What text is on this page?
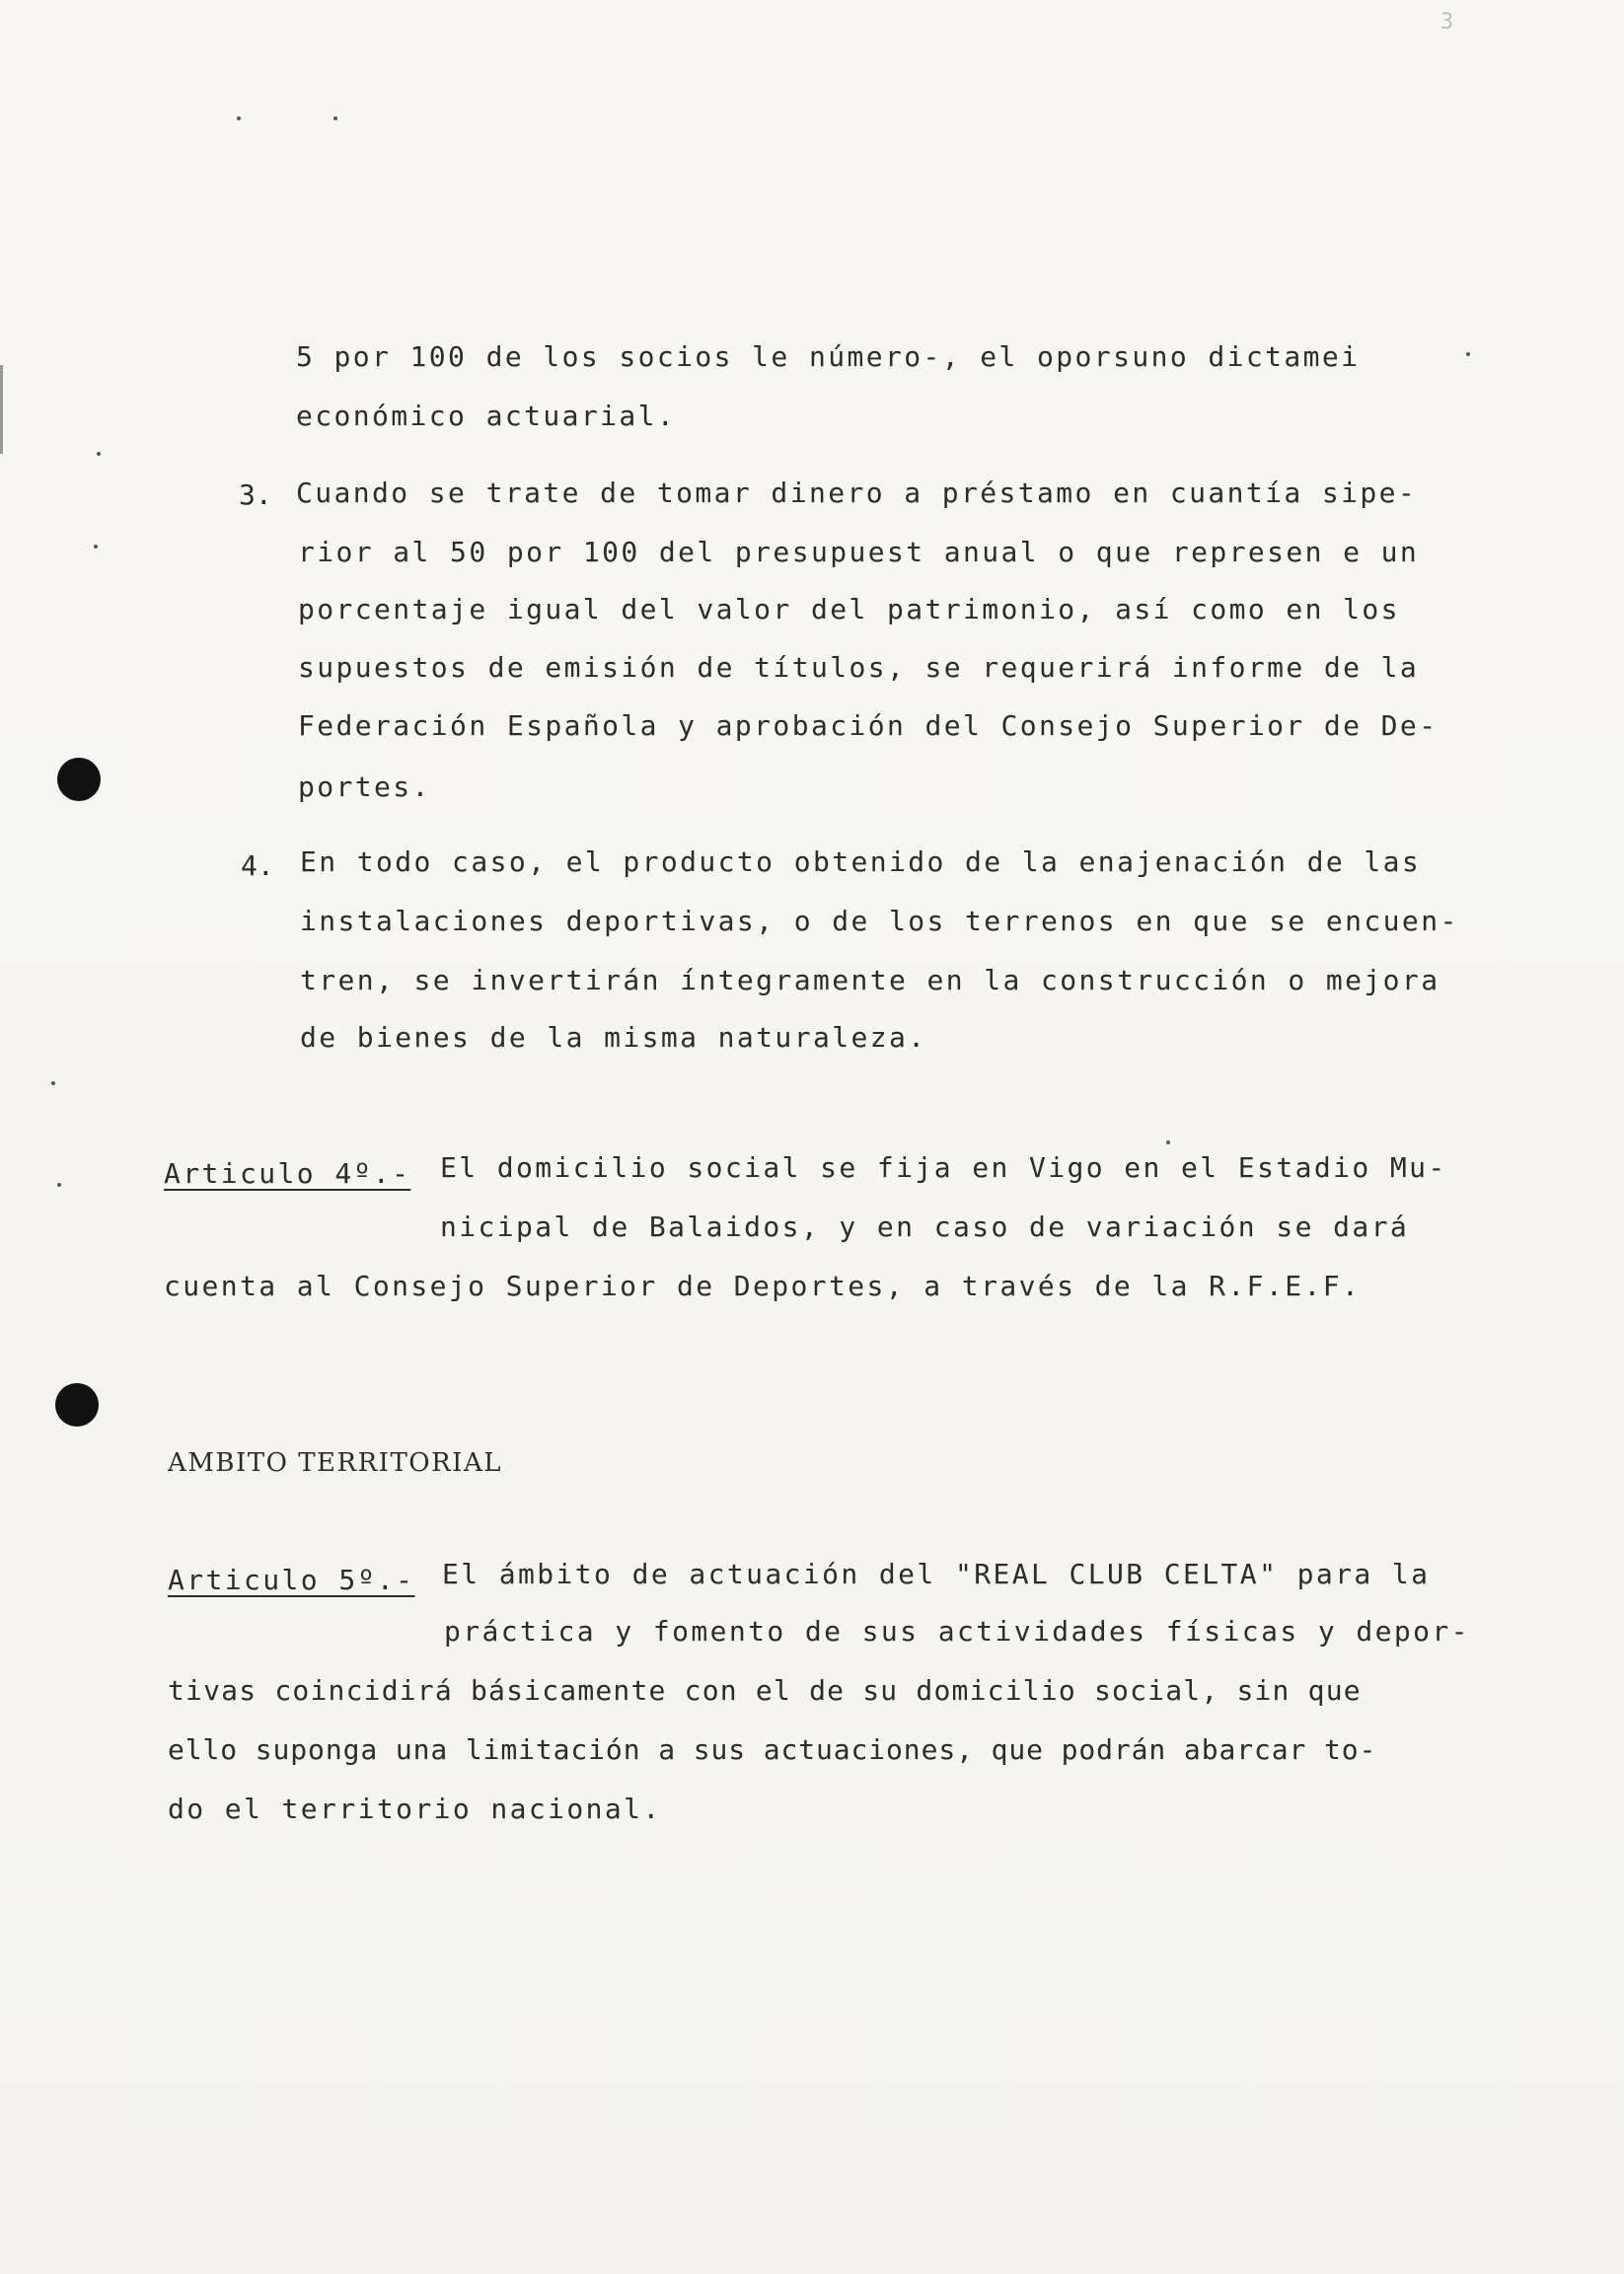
3
5 por 100 de los socios le número-, el oporsuno dictamei
económico actuarial.
3. Cuando se trate de tomar dinero a préstamo en cuantía sipe-
rior al 50 por 100 del presupuest anual o que represen e un
porcentaje igual del valor del patrimonio, así como en los
supuestos de emisión de títulos, se requerirá informe de la
Federación Española y aprobación del Consejo Superior de De-
portes.
4. En todo caso, el producto obtenido de la enajenación de las
instalaciones deportivas, o de los terrenos en que se encuen-
tren, se invertirán íntegramente en la construcción o mejora
de bienes de la misma naturaleza.
Articulo 4º.- El domicilio social se fija en Vigo en el Estadio Mu-
nicipal de Balaidos, y en caso de variación se dará
cuenta al Consejo Superior de Deportes, a través de la R.F.E.F.
AMBITO TERRITORIAL
Articulo 5º.- El ámbito de actuación del "REAL CLUB CELTA" para la
práctica y fomento de sus actividades físicas y depor-
tivas coincidirá básicamente con el de su domicilio social, sin que
ello suponga una limitación a sus actuaciones, que podrán abarcar to-
do el territorio nacional.
